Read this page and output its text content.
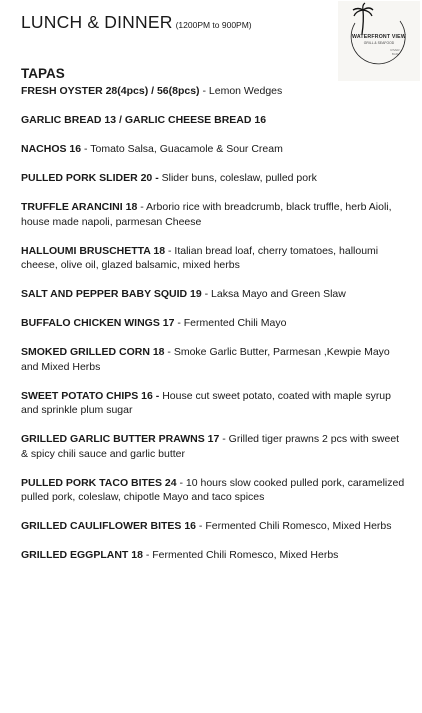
LUNCH & DINNER (1200PM to 900PM)
WATERFRONT VIEW
GRILL & SEAFOOD
RIVER BAR
TAPAS
FRESH OYSTER 28(4pcs) / 56(8pcs) - Lemon Wedges
GARLIC BREAD 13 / GARLIC CHEESE BREAD 16
NACHOS 16 - Tomato Salsa, Guacamole & Sour Cream
PULLED PORK SLIDER 20 - Slider buns, coleslaw, pulled pork
TRUFFLE ARANCINI 18 - Arborio rice with breadcrumb, black truffle, herb Aioli, house made napoli, parmesan Cheese
HALLOUMI BRUSCHETTA 18 - Italian bread loaf, cherry tomatoes, halloumi cheese, olive oil, glazed balsamic, mixed herbs
SALT AND PEPPER BABY SQUID 19 - Laksa Mayo and Green Slaw
BUFFALO CHICKEN WINGS 17 - Fermented Chili Mayo
SMOKED GRILLED CORN 18 - Smoke Garlic Butter, Parmesan ,Kewpie Mayo and Mixed Herbs
SWEET POTATO CHIPS 16 - House cut sweet potato, coated with maple syrup and sprinkle plum sugar
GRILLED GARLIC BUTTER PRAWNS 17 - Grilled tiger prawns 2 pcs with sweet & spicy chili sauce and garlic butter
PULLED PORK TACO BITES 24 - 10 hours slow cooked pulled pork, caramelized pulled pork, coleslaw, chipotle Mayo and taco spices
GRILLED CAULIFLOWER BITES 16 - Fermented Chili Romesco, Mixed Herbs
GRILLED EGGPLANT 18 - Fermented Chili Romesco, Mixed Herbs
